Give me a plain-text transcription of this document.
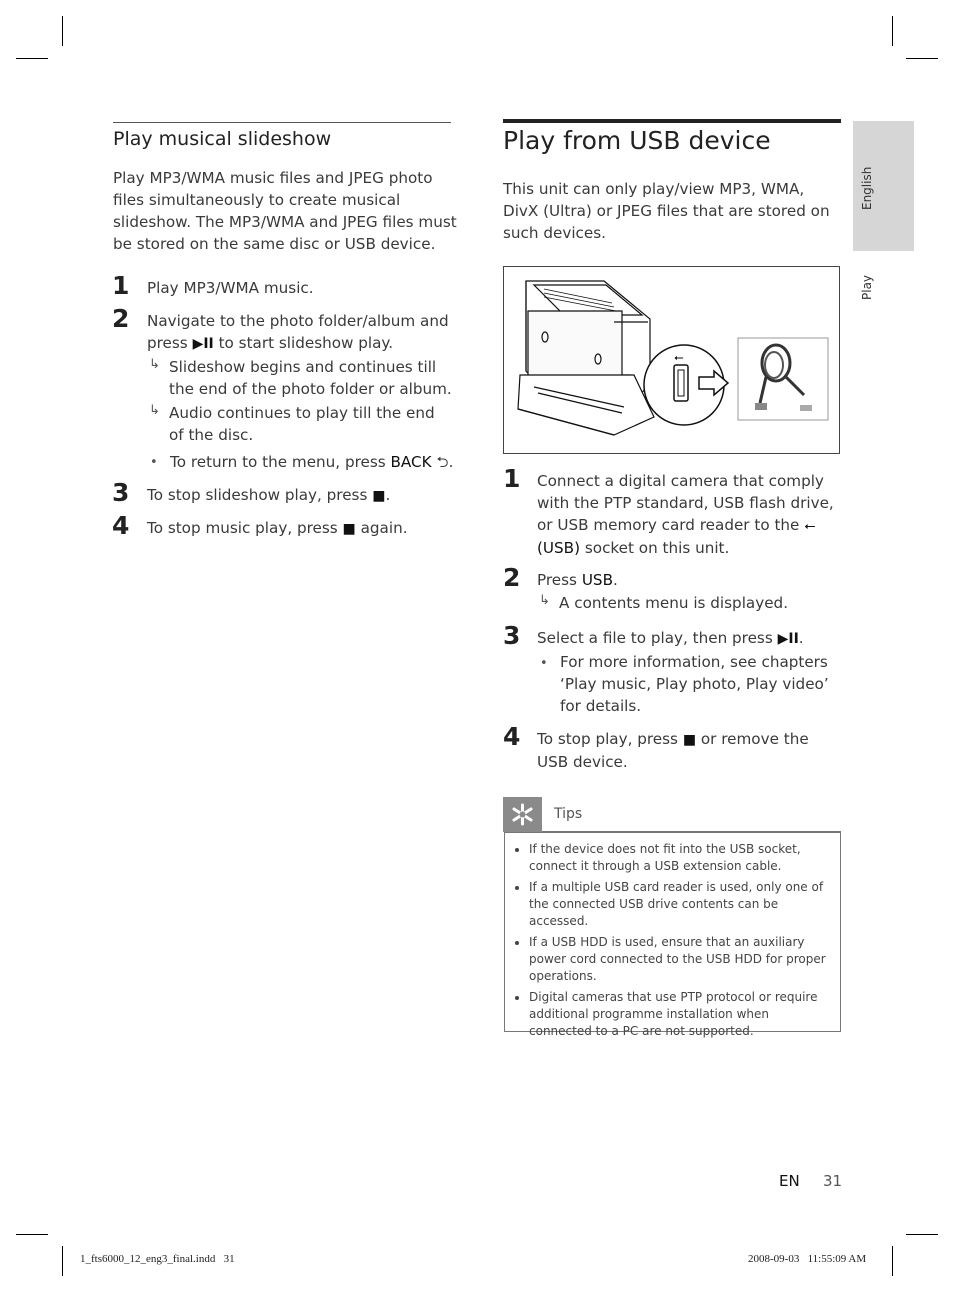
Play musical slideshow
Play MP3/WMA music files and JPEG photo files simultaneously to create musical slideshow. The MP3/WMA and JPEG files must be stored on the same disc or USB device.
1 Play MP3/WMA music.
2 Navigate to the photo folder/album and press ▶II to start slideshow play.
↳ Slideshow begins and continues till the end of the photo folder or album.
↳ Audio continues to play till the end of the disc.
• To return to the menu, press BACK ⮌.
3 To stop slideshow play, press ■.
4 To stop music play, press ■ again.
Play from USB device
This unit can only play/view MP3, WMA, DivX (Ultra) or JPEG files that are stored on such devices.
⭠
1 Connect a digital camera that comply with the PTP standard, USB flash drive, or USB memory card reader to the ⭠ (USB) socket on this unit.
2 Press USB.
↳ A contents menu is displayed.
3 Select a file to play, then press ▶II.
• For more information, see chapters ‘Play music, Play photo, Play video’ for details.
4 To stop play, press ■ or remove the USB device.
Tips
• If the device does not fit into the USB socket, connect it through a USB extension cable.
• If a multiple USB card reader is used, only one of the connected USB drive contents can be accessed.
• If a USB HDD is used, ensure that an auxiliary power cord connected to the USB HDD for proper operations.
• Digital cameras that use PTP protocol or require additional programme installation when connected to a PC are not supported.
English
Play
EN 31
1_fts6000_12_eng3_final.indd   31	2008-09-03   11:55:09 AM
